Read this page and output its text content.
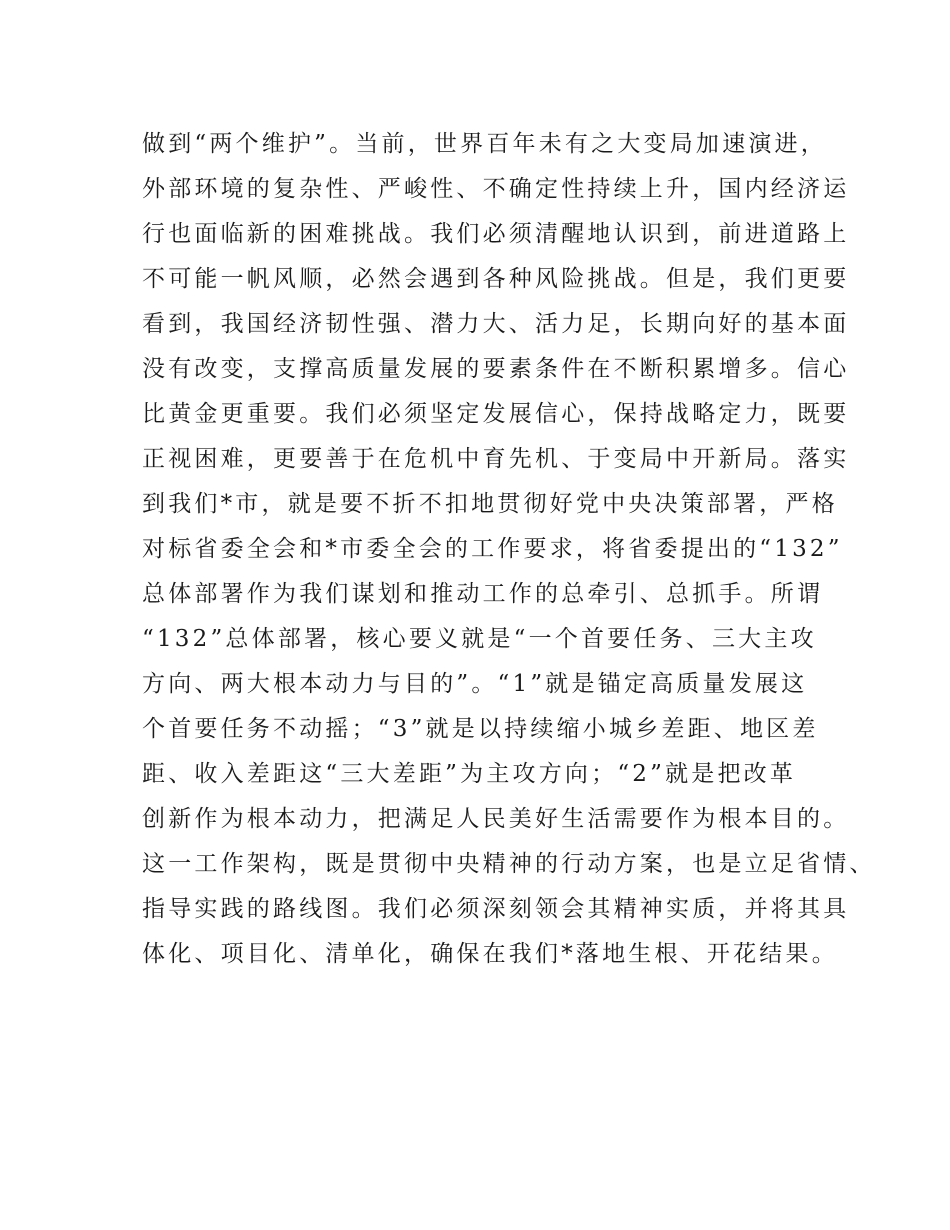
做到“两个维护”。当前，世界百年未有之大变局加速演进，
外部环境的复杂性、严峻性、不确定性持续上升，国内经济运
行也面临新的困难挑战。我们必须清醒地认识到，前进道路上
不可能一帆风顺，必然会遇到各种风险挑战。但是，我们更要
看到，我国经济韧性强、潜力大、活力足，长期向好的基本面
没有改变，支撑高质量发展的要素条件在不断积累增多。信心
比黄金更重要。我们必须坚定发展信心，保持战略定力，既要
正视困难，更要善于在危机中育先机、于变局中开新局。落实
到我们*市，就是要不折不扣地贯彻好党中央决策部署，严格
对标省委全会和*市委全会的工作要求，将省委提出的“132”
总体部署作为我们谋划和推动工作的总牵引、总抓手。所谓
“132”总体部署，核心要义就是“一个首要任务、三大主攻
方向、两大根本动力与目的”。“1”就是锚定高质量发展这
个首要任务不动摇；“3”就是以持续缩小城乡差距、地区差
距、收入差距这“三大差距”为主攻方向；“2”就是把改革
创新作为根本动力，把满足人民美好生活需要作为根本目的。
这一工作架构，既是贯彻中央精神的行动方案，也是立足省情、
指导实践的路线图。我们必须深刻领会其精神实质，并将其具
体化、项目化、清单化，确保在我们*落地生根、开花结果。
